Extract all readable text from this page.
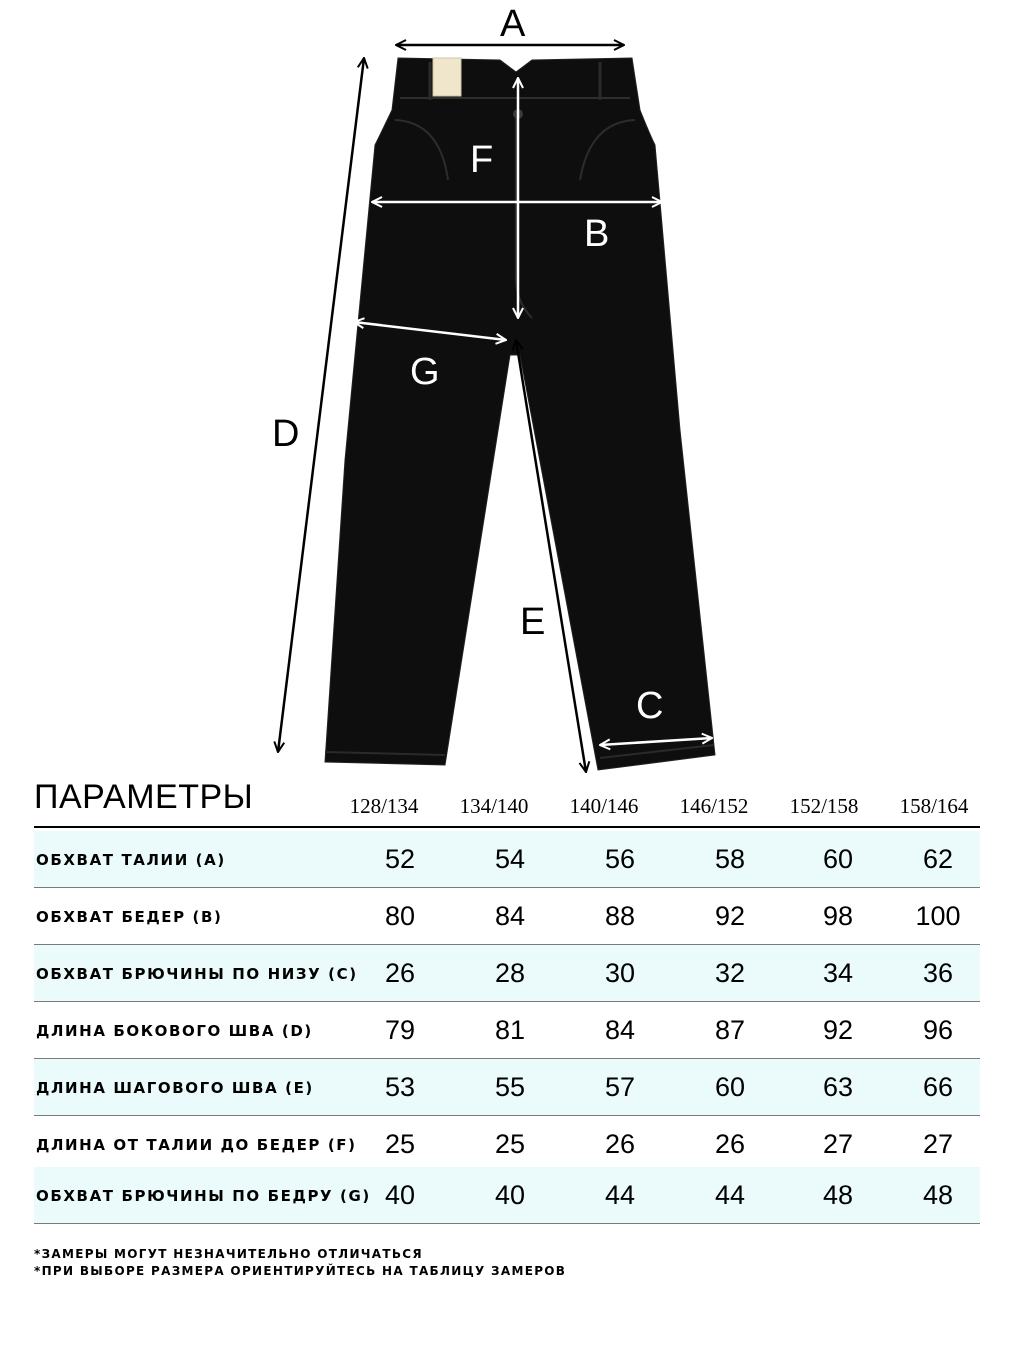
A
B
C
D
E
F
G
ПАРАМЕТРЫ	128/134	134/140	140/146	146/152	152/158	158/164
ОБХВАТ ТАЛИИ (А)	52	54	56	58	60	62
ОБХВАТ БЕДЕР (В)	80	84	88	92	98	100
ОБХВАТ БРЮЧИНЫ ПО НИЗУ (С)	26	28	30	32	34	36
ДЛИНА БОКОВОГО ШВА (D)	79	81	84	87	92	96
ДЛИНА ШАГОВОГО ШВА (Е)	53	55	57	60	63	66
ДЛИНА ОТ ТАЛИИ ДО БЕДЕР (F)	25	25	26	26	27	27
ОБХВАТ БРЮЧИНЫ ПО БЕДРУ (G) 40	40	44	44	48	48
*ЗАМЕРЫ МОГУТ НЕЗНАЧИТЕЛЬНО ОТЛИЧАТЬСЯ
*ПРИ ВЫБОРЕ РАЗМЕРА ОРИЕНТИРУЙТЕСЬ НА ТАБЛИЦУ ЗАМЕРОВ
